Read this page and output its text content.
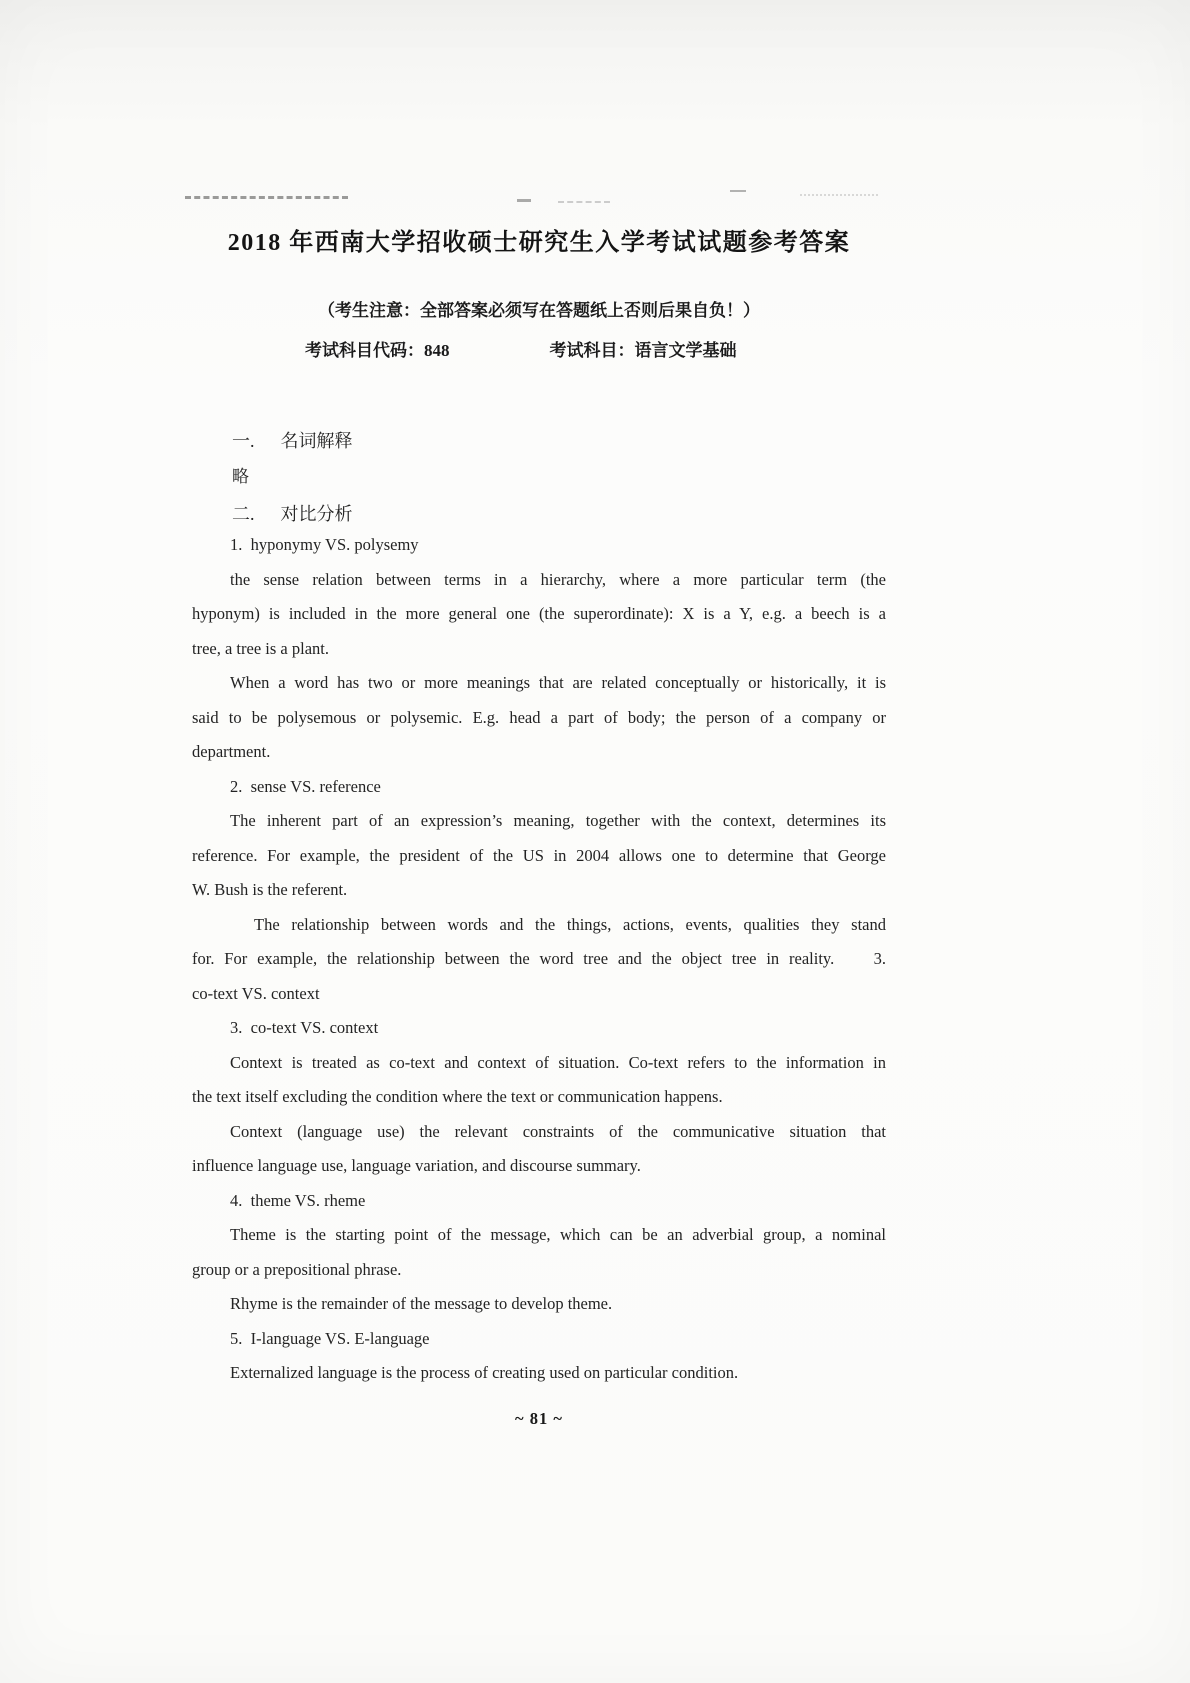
2018 年西南大学招收硕士研究生入学考试试题参考答案
（考生注意：全部答案必须写在答题纸上否则后果自负！）
考试科目代码：848	考试科目：语言文学基础
一. 名词解释
略
二. 对比分析
1.  hyponymy VS. polysemy
the sense relation between terms in a hierarchy, where a more particular term (the
hyponym) is included in the more general one (the superordinate): X is a Y, e.g. a beech is a
tree, a tree is a plant.
When a word has two or more meanings that are related conceptually or historically, it is
said to be polysemous or polysemic. E.g. head a part of body; the person of a company or
department.
2.  sense VS. reference
The inherent part of an expression’s meaning, together with the context, determines its
reference. For example, the president of the US in 2004 allows one to determine that George
W. Bush is the referent.
The relationship between words and the things, actions, events, qualities they stand
for. For example, the relationship between the word tree and the object tree in reality.    3.
co-text VS. context
3.  co-text VS. context
Context is treated as co-text and context of situation. Co-text refers to the information in
the text itself excluding the condition where the text or communication happens.
Context (language use) the relevant constraints of the communicative situation that
influence language use, language variation, and discourse summary.
4.  theme VS. rheme
Theme is the starting point of the message, which can be an adverbial group, a nominal
group or a prepositional phrase.
Rhyme is the remainder of the message to develop theme.
5.  I-language VS. E-language
Externalized language is the process of creating used on particular condition.
~ 81 ~
